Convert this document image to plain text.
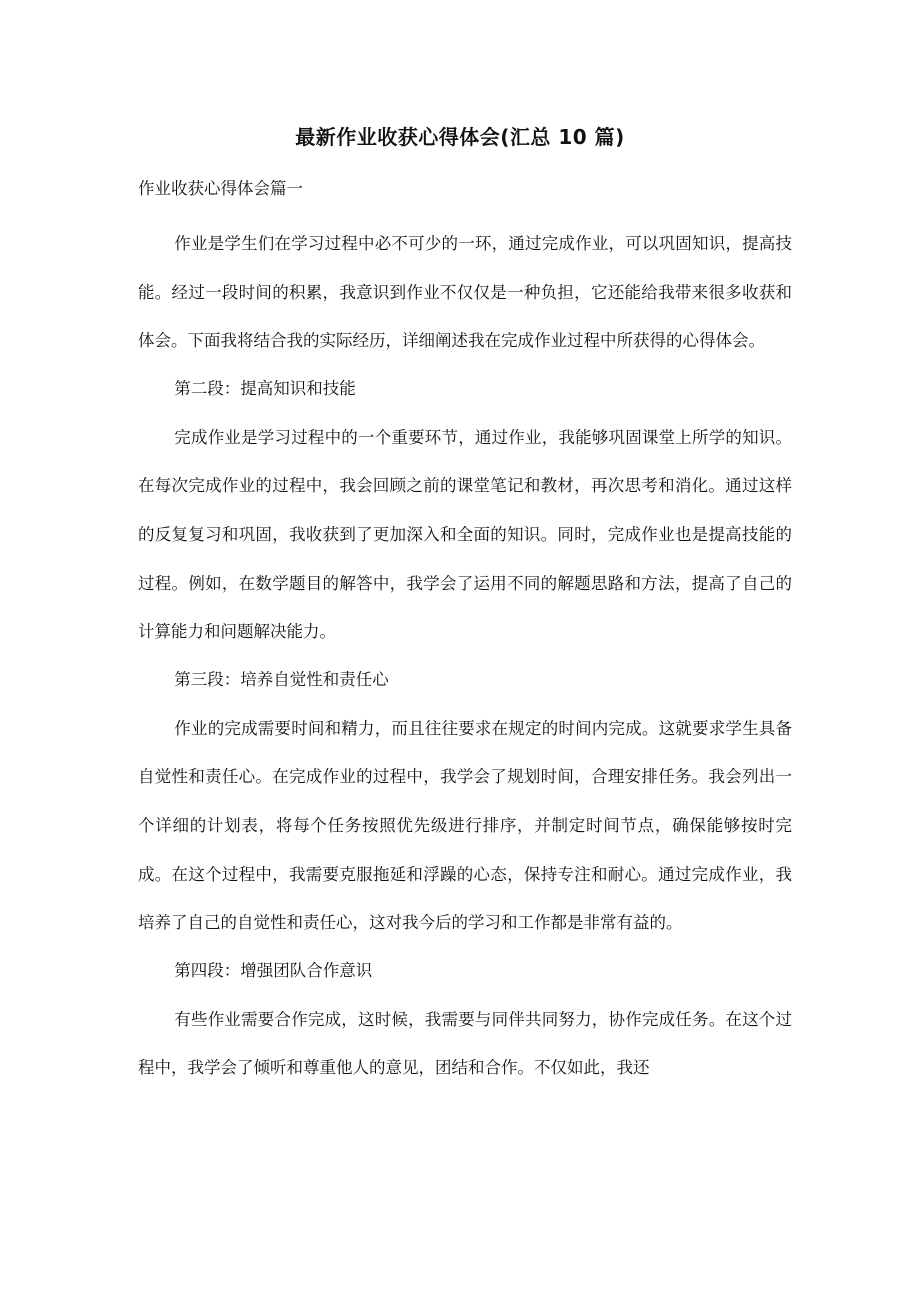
最新作业收获心得体会(汇总 10 篇)
作业收获心得体会篇一

作业是学生们在学习过程中必不可少的一环，通过完成作业，可以巩固知识，提高技能。经过一段时间的积累，我意识到作业不仅仅是一种负担，它还能给我带来很多收获和体会。下面我将结合我的实际经历，详细阐述我在完成作业过程中所获得的心得体会。

第二段：提高知识和技能

完成作业是学习过程中的一个重要环节，通过作业，我能够巩固课堂上所学的知识。在每次完成作业的过程中，我会回顾之前的课堂笔记和教材，再次思考和消化。通过这样的反复复习和巩固，我收获到了更加深入和全面的知识。同时，完成作业也是提高技能的过程。例如，在数学题目的解答中，我学会了运用不同的解题思路和方法，提高了自己的计算能力和问题解决能力。

第三段：培养自觉性和责任心

作业的完成需要时间和精力，而且往往要求在规定的时间内完成。这就要求学生具备自觉性和责任心。在完成作业的过程中，我学会了规划时间，合理安排任务。我会列出一个详细的计划表，将每个任务按照优先级进行排序，并制定时间节点，确保能够按时完成。在这个过程中，我需要克服拖延和浮躁的心态，保持专注和耐心。通过完成作业，我培养了自己的自觉性和责任心，这对我今后的学习和工作都是非常有益的。

第四段：增强团队合作意识

有些作业需要合作完成，这时候，我需要与同伴共同努力，协作完成任务。在这个过程中，我学会了倾听和尊重他人的意见，团结和合作。不仅如此，我还
